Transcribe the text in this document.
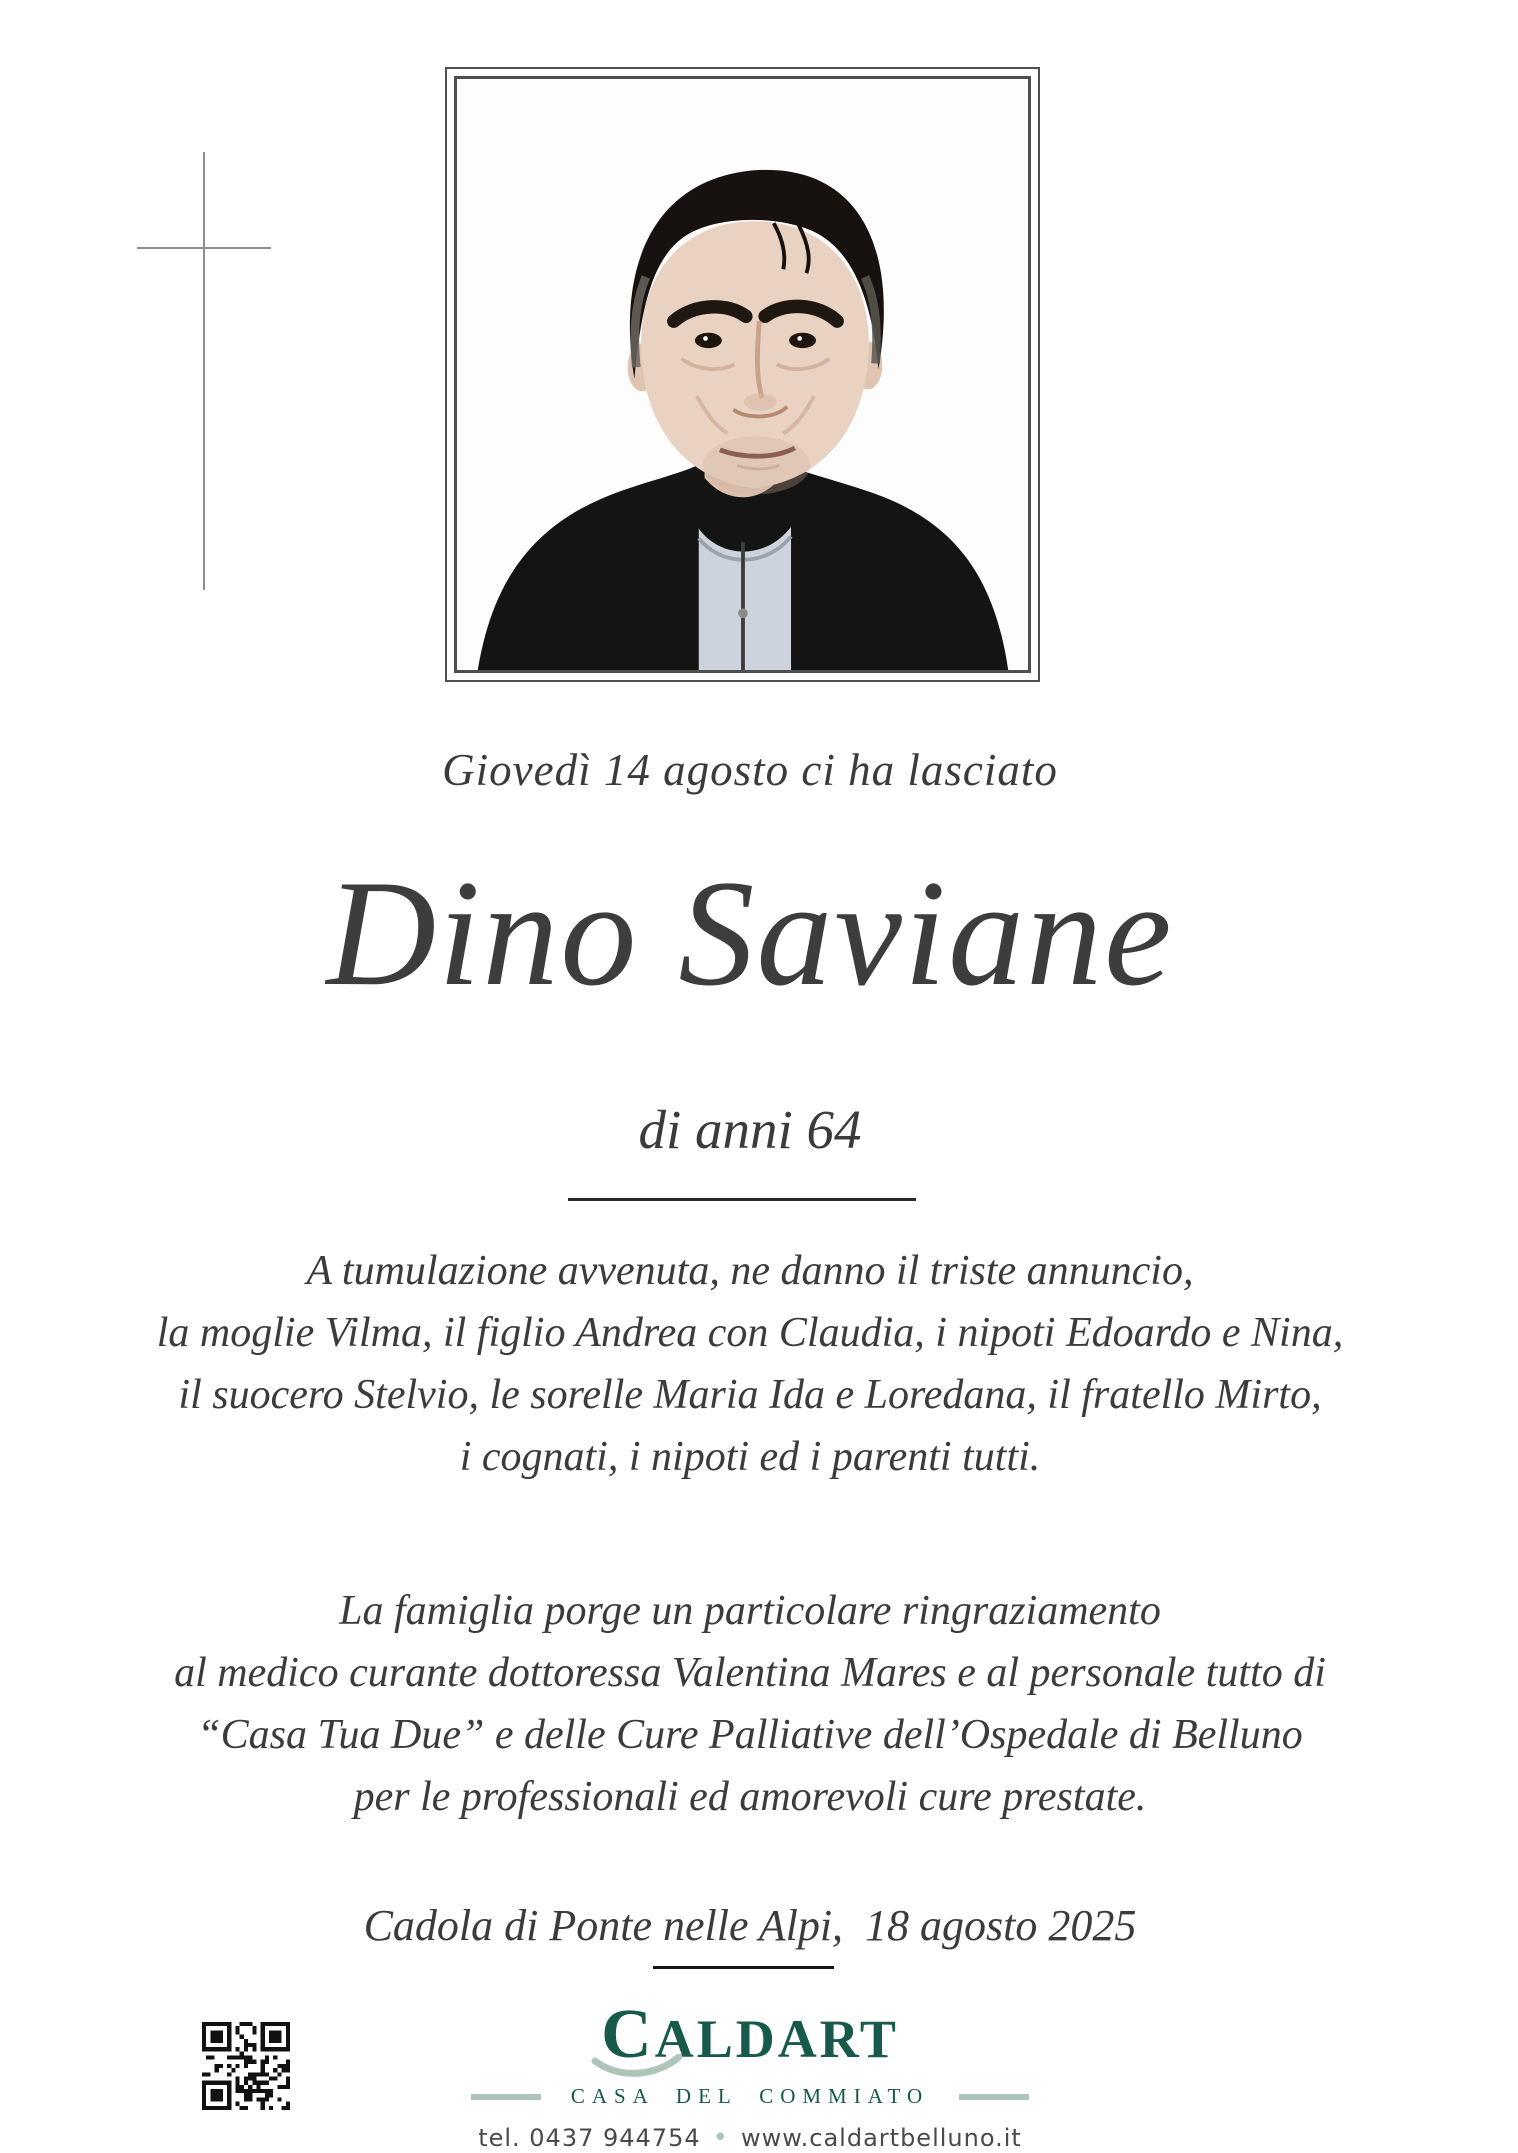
Giovedì 14 agosto ci ha lasciato
Dino Saviane
di anni 64

A tumulazione avvenuta, ne danno il triste annuncio,
la moglie Vilma, il figlio Andrea con Claudia, i nipoti Edoardo e Nina,
il suocero Stelvio, le sorelle Maria Ida e Loredana, il fratello Mirto,
i cognati, i nipoti ed i parenti tutti.

La famiglia porge un particolare ringraziamento
al medico curante dottoressa Valentina Mares e al personale tutto di
“Casa Tua Due” e delle Cure Palliative dell’Ospedale di Belluno
per le professionali ed amorevoli cure prestate.

Cadola di Ponte nelle Alpi,  18 agosto 2025
C ALDART
CASA DEL COMMIATO
tel. 0437 944754 • www.caldartbelluno.it
